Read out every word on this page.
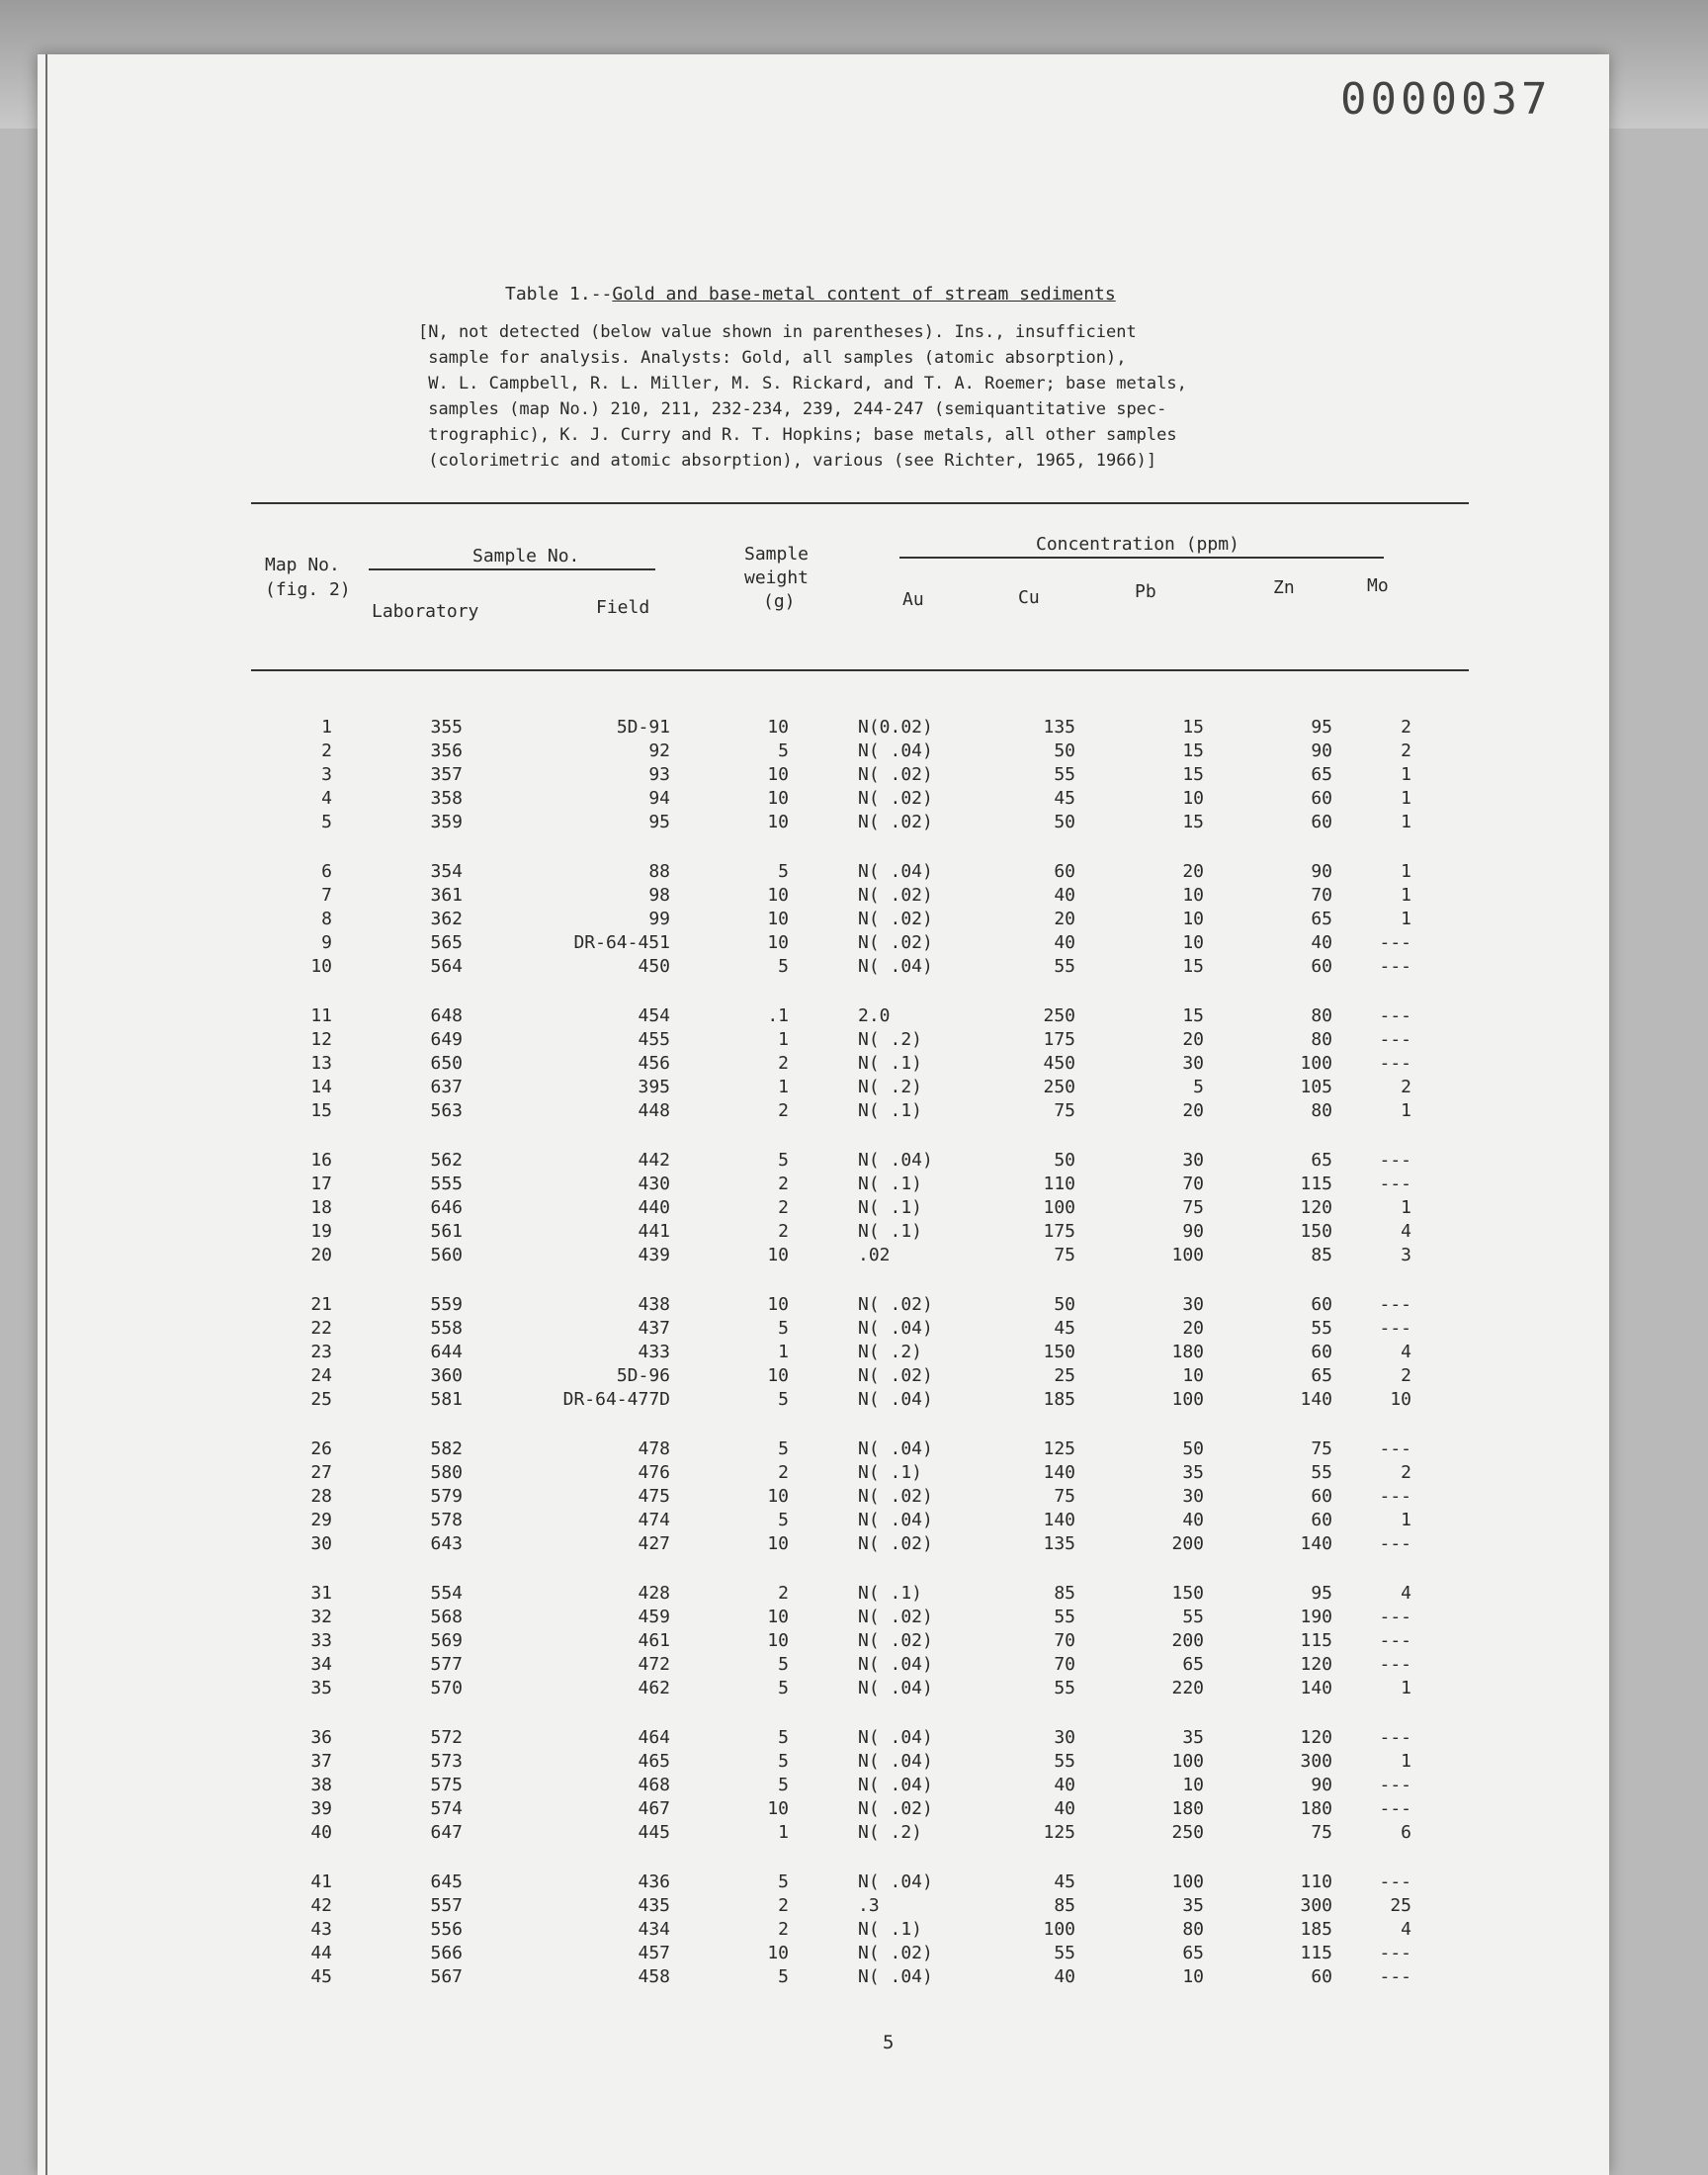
0000037
Table 1.--Gold and base-metal content of stream sediments
[N, not detected (below value shown in parentheses). Ins., insufficient
sample for analysis. Analysts: Gold, all samples (atomic absorption),
W. L. Campbell, R. L. Miller, M. S. Rickard, and T. A. Roemer; base metals,
samples (map No.) 210, 211, 232-234, 239, 244-247 (semiquantitative spec-
trographic), K. J. Curry and R. T. Hopkins; base metals, all other samples
(colorimetric and atomic absorption), various (see Richter, 1965, 1966)]
Map No.
(fig. 2)
Sample No.
Laboratory	Field
Sample
weight
(g)
Concentration (ppm)
Au	Cu	Pb	Zn	Mo
1	355	5D-91	10	N(0.02)	135	15	95	2
2	356	92	5	N( .04)	50	15	90	2
3	357	93	10	N( .02)	55	15	65	1
4	358	94	10	N( .02)	45	10	60	1
5	359	95	10	N( .02)	50	15	60	1
6	354	88	5	N( .04)	60	20	90	1
7	361	98	10	N( .02)	40	10	70	1
8	362	99	10	N( .02)	20	10	65	1
9	565	DR-64-451	10	N( .02)	40	10	40	---
10	564	450	5	N( .04)	55	15	60	---
11	648	454	.1	2.0	250	15	80	---
12	649	455	1	N( .2)	175	20	80	---
13	650	456	2	N( .1)	450	30	100	---
14	637	395	1	N( .2)	250	5	105	2
15	563	448	2	N( .1)	75	20	80	1
16	562	442	5	N( .04)	50	30	65	---
17	555	430	2	N( .1)	110	70	115	---
18	646	440	2	N( .1)	100	75	120	1
19	561	441	2	N( .1)	175	90	150	4
20	560	439	10	.02	75	100	85	3
21	559	438	10	N( .02)	50	30	60	---
22	558	437	5	N( .04)	45	20	55	---
23	644	433	1	N( .2)	150	180	60	4
24	360	5D-96	10	N( .02)	25	10	65	2
25	581	DR-64-477D	5	N( .04)	185	100	140	10
26	582	478	5	N( .04)	125	50	75	---
27	580	476	2	N( .1)	140	35	55	2
28	579	475	10	N( .02)	75	30	60	---
29	578	474	5	N( .04)	140	40	60	1
30	643	427	10	N( .02)	135	200	140	---
31	554	428	2	N( .1)	85	150	95	4
32	568	459	10	N( .02)	55	55	190	---
33	569	461	10	N( .02)	70	200	115	---
34	577	472	5	N( .04)	70	65	120	---
35	570	462	5	N( .04)	55	220	140	1
36	572	464	5	N( .04)	30	35	120	---
37	573	465	5	N( .04)	55	100	300	1
38	575	468	5	N( .04)	40	10	90	---
39	574	467	10	N( .02)	40	180	180	---
40	647	445	1	N( .2)	125	250	75	6
41	645	436	5	N( .04)	45	100	110	---
42	557	435	2	.3	85	35	300	25
43	556	434	2	N( .1)	100	80	185	4
44	566	457	10	N( .02)	55	65	115	---
45	567	458	5	N( .04)	40	10	60	---
5
